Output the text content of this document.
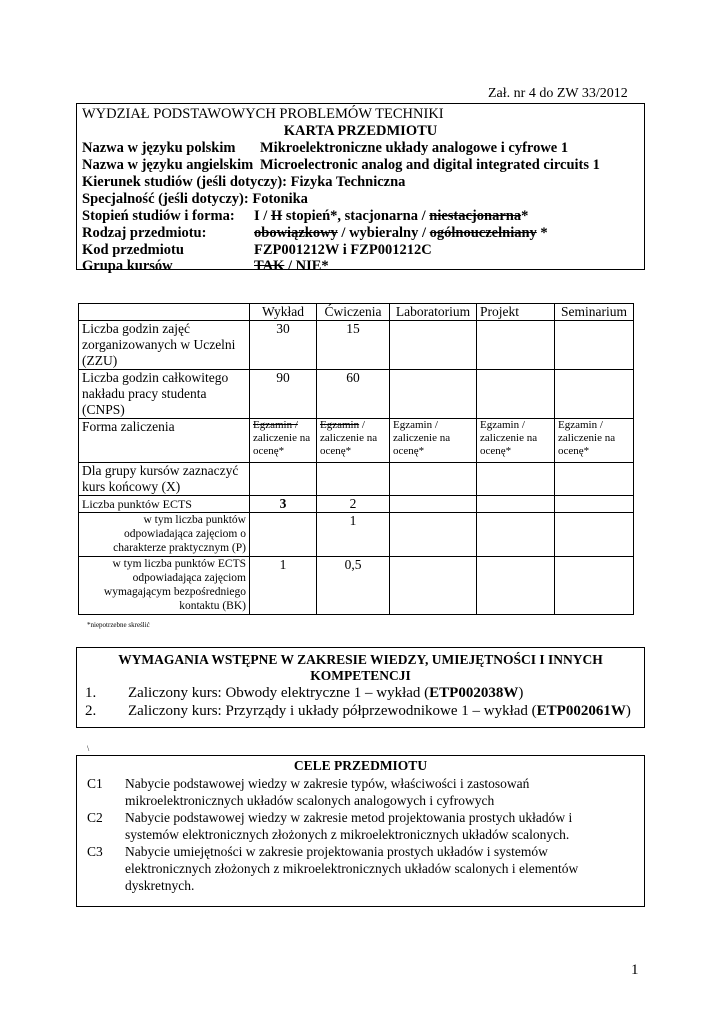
Zał. nr 4 do ZW 33/2012
WYDZIAŁ PODSTAWOWYCH PROBLEMÓW TECHNIKI
KARTA PRZEDMIOTU
Nazwa w języku polskim Mikroelektroniczne układy analogowe i cyfrowe 1
Nazwa w języku angielskim Microelectronic analog and digital integrated circuits 1
Kierunek studiów (jeśli dotyczy): Fizyka Techniczna
Specjalność (jeśli dotyczy): Fotonika
Stopień studiów i forma: I / II stopień*, stacjonarna / niestacjonarna*
Rodzaj przedmiotu:	obowiązkowy / wybieralny / ogólnouczelniany *
Kod przedmiotu	FZP001212W i FZP001212C
Grupa kursów	TAK / NIE*
	Wykład	Ćwiczenia	Laboratorium	Projekt	Seminarium
Liczba godzin zajęć zorganizowanych w Uczelni (ZZU)	30	15			
Liczba godzin całkowitego nakładu pracy studenta (CNPS)	90	60			
Forma zaliczenia	Egzamin / zaliczenie na ocenę*	Egzamin / zaliczenie na ocenę*	Egzamin / zaliczenie na ocenę*	Egzamin / zaliczenie na ocenę*	Egzamin / zaliczenie na ocenę*
Dla grupy kursów zaznaczyć kurs końcowy (X)					
Liczba punktów ECTS	3	2			
w tym liczba punktów odpowiadająca zajęciom o charakterze praktycznym (P)		1			
w tym liczba punktów ECTS odpowiadająca zajęciom wymagającym bezpośredniego kontaktu (BK)	1	0,5			
*niepotrzebne skreślić
WYMAGANIA WSTĘPNE W ZAKRESIE WIEDZY, UMIEJĘTNOŚCI I INNYCH KOMPETENCJI
1. Zaliczony kurs: Obwody elektryczne 1 – wykład (ETP002038W)
2. Zaliczony kurs: Przyrządy i układy półprzewodnikowe 1 – wykład (ETP002061W)
\
CELE PRZEDMIOTU
C1 Nabycie podstawowej wiedzy w zakresie typów, właściwości i zastosowań mikroelektronicznych układów scalonych analogowych i cyfrowych
C2 Nabycie podstawowej wiedzy w zakresie metod projektowania prostych układów i systemów elektronicznych złożonych z mikroelektronicznych układów scalonych.
C3 Nabycie umiejętności w zakresie projektowania prostych układów i systemów elektronicznych złożonych z mikroelektronicznych układów scalonych i elementów dyskretnych.
1
